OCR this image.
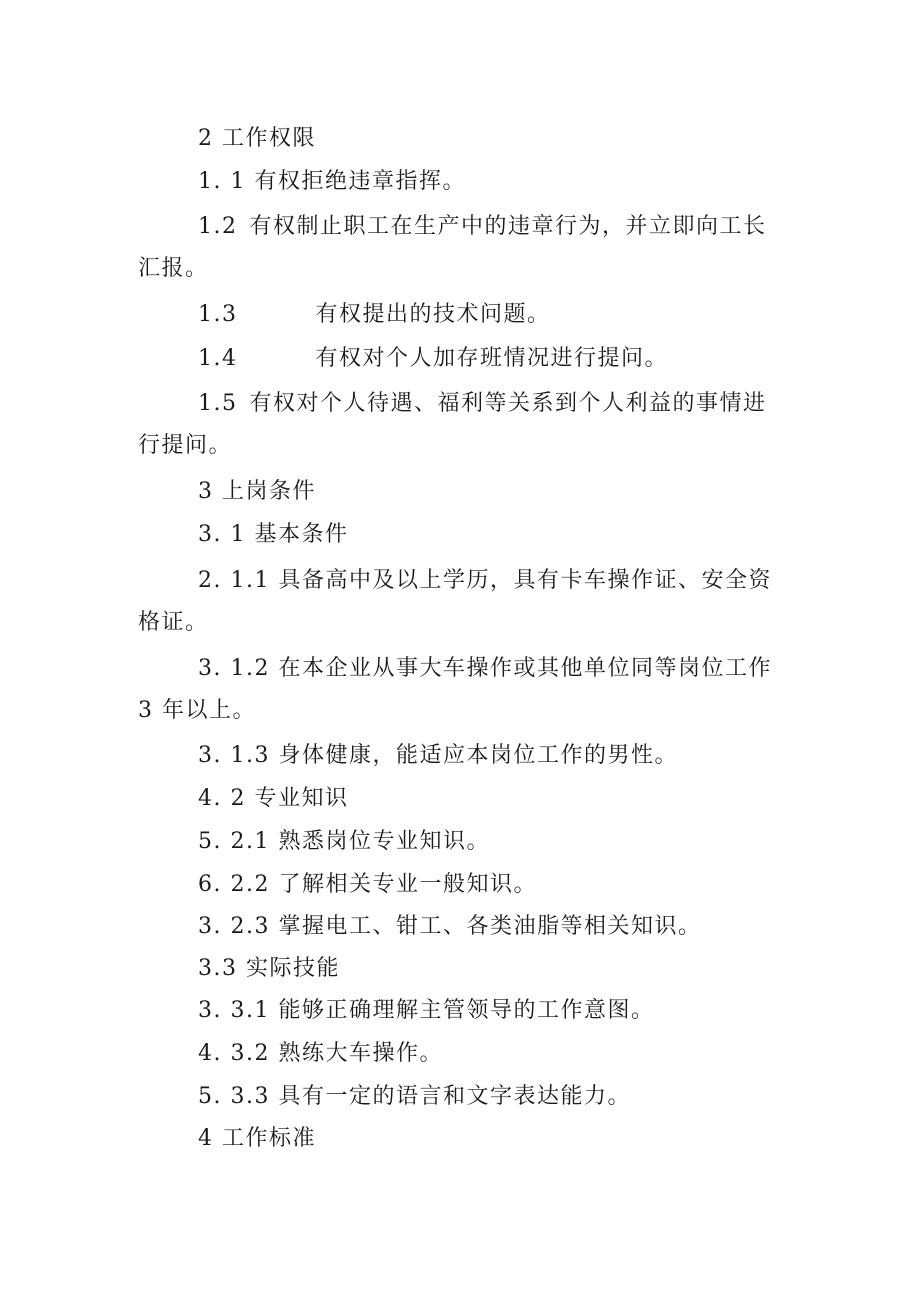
2 工作权限

1. 1 有权拒绝违章指挥。

1.2 有权制止职工在生产中的违章行为，并立即向工长汇报。

1.3	有权提出的技术问题。

1.4	有权对个人加存班情况进行提问。

1.5 有权对个人待遇、福利等关系到个人利益的事情进行提问。

3 上岗条件

3. 1 基本条件

2. 1.1 具备高中及以上学历，具有卡车操作证、安全资格证。

3. 1.2 在本企业从事大车操作或其他单位同等岗位工作 3 年以上。

3. 1.3 身体健康，能适应本岗位工作的男性。

4. 2 专业知识

5. 2.1 熟悉岗位专业知识。

6. 2.2 了解相关专业一般知识。

3. 2.3 掌握电工、钳工、各类油脂等相关知识。

3.3 实际技能

3. 3.1 能够正确理解主管领导的工作意图。

4. 3.2 熟练大车操作。

5. 3.3 具有一定的语言和文字表达能力。

4 工作标准
